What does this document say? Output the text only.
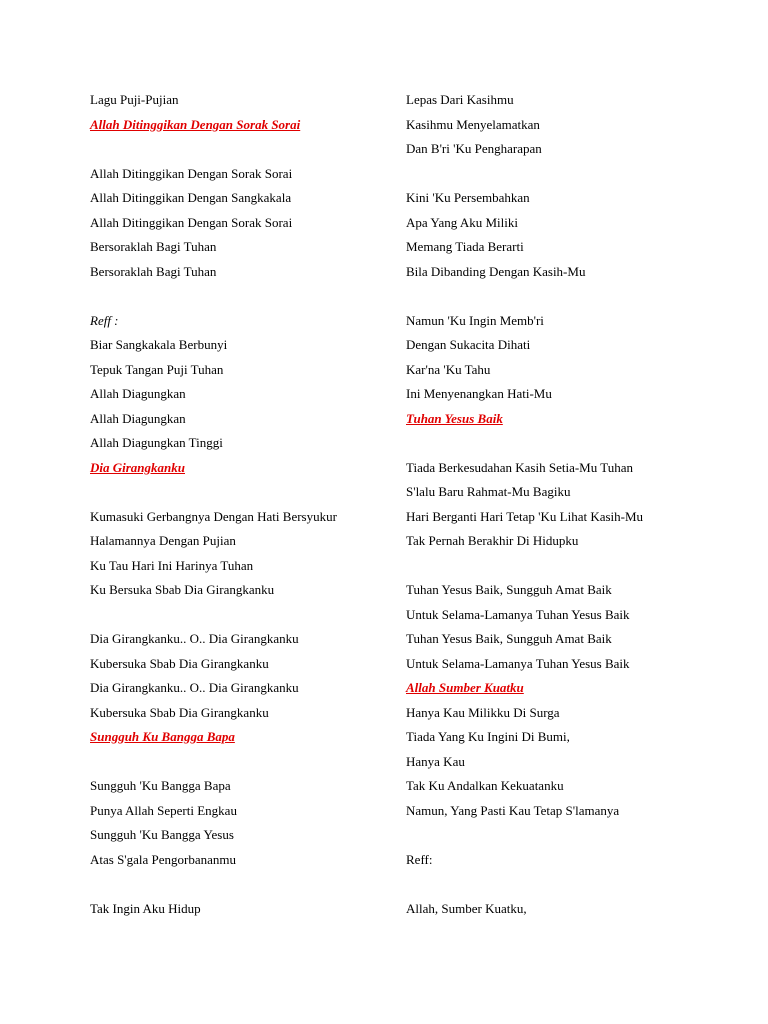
Lagu Puji-Pujian
Allah Ditinggikan Dengan Sorak Sorai
Allah Ditinggikan Dengan Sorak Sorai
Allah Ditinggikan Dengan Sangkakala
Allah Ditinggikan Dengan Sorak Sorai
Bersoraklah Bagi Tuhan
Bersoraklah Bagi Tuhan
Reff :
Biar Sangkakala Berbunyi
Tepuk Tangan Puji Tuhan
Allah Diagungkan
Allah Diagungkan
Allah Diagungkan Tinggi
Dia Girangkanku
Kumasuki Gerbangnya Dengan Hati Bersyukur
Halamannya Dengan Pujian
Ku Tau Hari Ini Harinya Tuhan
Ku Bersuka Sbab Dia Girangkanku
Dia Girangkanku.. O.. Dia Girangkanku
Kubersuka Sbab Dia Girangkanku
Dia Girangkanku.. O.. Dia Girangkanku
Kubersuka Sbab Dia Girangkanku
Sungguh Ku Bangga Bapa
Sungguh 'Ku Bangga Bapa
Punya Allah Seperti Engkau
Sungguh 'Ku Bangga Yesus
Atas S'gala Pengorbananmu
Tak Ingin Aku Hidup
Lepas Dari Kasihmu
Kasihmu Menyelamatkan
Dan B'ri 'Ku Pengharapan
Kini 'Ku Persembahkan
Apa Yang Aku Miliki
Memang Tiada Berarti
Bila Dibanding Dengan Kasih-Mu
Namun 'Ku Ingin Memb'ri
Dengan Sukacita Dihati
Kar'na 'Ku Tahu
Ini Menyenangkan Hati-Mu
Tuhan Yesus Baik
Tiada Berkesudahan Kasih Setia-Mu Tuhan
S'lalu Baru Rahmat-Mu Bagiku
Hari Berganti Hari Tetap 'Ku Lihat Kasih-Mu
Tak Pernah Berakhir Di Hidupku
Tuhan Yesus Baik, Sungguh Amat Baik
Untuk Selama-Lamanya Tuhan Yesus Baik
Tuhan Yesus Baik, Sungguh Amat Baik
Untuk Selama-Lamanya Tuhan Yesus Baik
Allah Sumber Kuatku
Hanya Kau Milikku Di Surga
Tiada Yang Ku Ingini Di Bumi,
Hanya Kau
Tak Ku Andalkan Kekuatanku
Namun, Yang Pasti Kau Tetap S'lamanya
Reff:
Allah, Sumber Kuatku,
